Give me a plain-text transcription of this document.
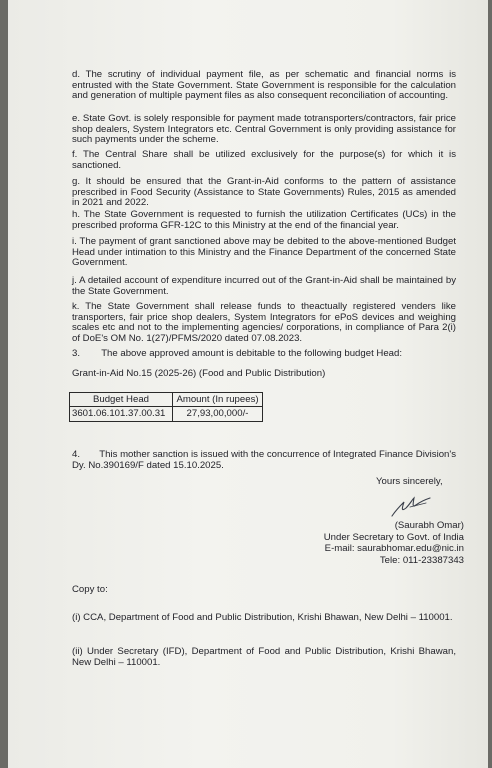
d. The scrutiny of individual payment file, as per schematic and financial norms is entrusted with the State Government. State Government is responsible for the calculation and generation of multiple payment files as also consequent reconciliation of accounting.

e. State Govt. is solely responsible for payment made totransporters/contractors, fair price shop dealers, System Integrators etc. Central Government is only providing assistance for such payments under the scheme.

f. The Central Share shall be utilized exclusively for the purpose(s) for which it is sanctioned.

g. It should be ensured that the Grant-in-Aid conforms to the pattern of assistance prescribed in Food Security (Assistance to State Governments) Rules, 2015 as amended in 2021 and 2022.

h. The State Government is requested to furnish the utilization Certificates (UCs) in the prescribed proforma GFR-12C to this Ministry at the end of the financial year.

i. The payment of grant sanctioned above may be debited to the above-mentioned Budget Head under intimation to this Ministry and the Finance Department of the concerned State Government.

j. A detailed account of expenditure incurred out of the Grant-in-Aid shall be maintained by the State Government.

k. The State Government shall release funds to theactually registered venders like transporters, fair price shop dealers, System Integrators for ePoS devices and weighing scales etc and not to the implementing agencies/ corporations, in compliance of Para 2(i) of DoE's OM No. 1(27)/PFMS/2020 dated 07.08.2023.

3. The above approved amount is debitable to the following budget Head:
Grant-in-Aid No.15 (2025-26) (Food and Public Distribution)
Budget Head	Amount (In rupees)
3601.06.101.37.00.31	27,93,00,000/-
4. This mother sanction is issued with the concurrence of Integrated Finance Division's Dy. No.390169/F dated 15.10.2025.
Yours sincerely,
(Saurabh Omar)
Under Secretary to Govt. of India
E-mail: saurabhomar.edu@nic.in
Tele: 011-23387343
Copy to:

(i) CCA, Department of Food and Public Distribution, Krishi Bhawan, New Delhi – 110001.

(ii) Under Secretary (IFD), Department of Food and Public Distribution, Krishi Bhawan, New Delhi – 110001.
